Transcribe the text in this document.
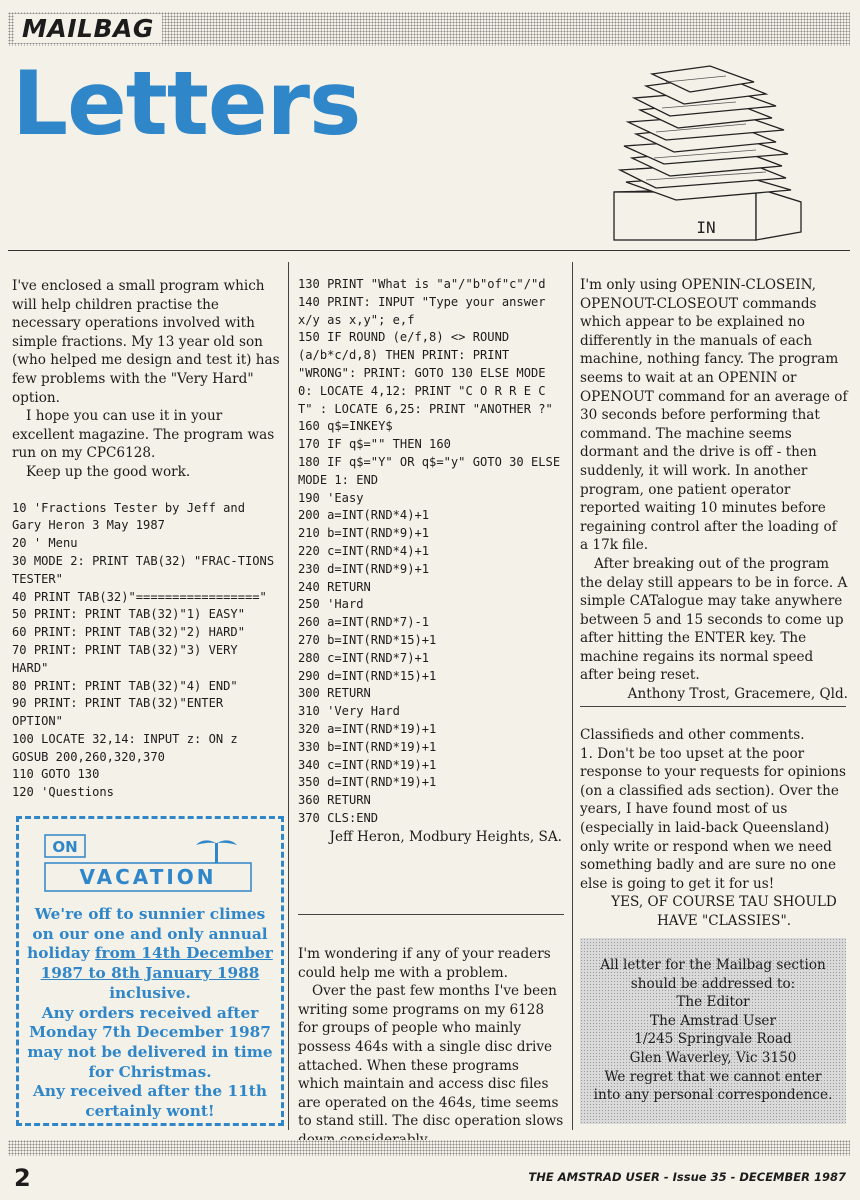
MAILBAG
Letters
IN

I've enclosed a small program which will help children practise the necessary operations involved with simple fractions. My 13 year old son (who helped me design and test it) has few problems with the "Very Hard" option.

I hope you can use it in your excellent magazine. The program was run on my CPC6128.

Keep up the good work.

10 'Fractions Tester by Jeff and Gary Heron 3 May 1987
20 ' Menu
30 MODE 2: PRINT TAB(32) "FRAC-TIONS TESTER"
40 PRINT TAB(32)"================="
50 PRINT: PRINT TAB(32)"1) EASY"
60 PRINT: PRINT TAB(32)"2) HARD"
70 PRINT: PRINT TAB(32)"3) VERY HARD"
80 PRINT: PRINT TAB(32)"4) END"
90 PRINT: PRINT TAB(32)"ENTER OPTION"
100 LOCATE 32,14: INPUT z: ON z GOSUB 200,260,320,370
110 GOTO 130
120 'Questions
130 PRINT "What is "a"/"b"of"c"/"d
140 PRINT: INPUT "Type your answer x/y as x,y"; e,f
150 IF ROUND (e/f,8) <> ROUND (a/b*c/d,8) THEN PRINT: PRINT "WRONG": PRINT: GOTO 130 ELSE MODE 0: LOCATE 4,12: PRINT "C O R R E C T" : LOCATE 6,25: PRINT "ANOTHER ?"
160 q$=INKEY$
170 IF q$="" THEN 160
180 IF q$="Y" OR q$="y" GOTO 30 ELSE MODE 1: END
190 'Easy
200 a=INT(RND*4)+1
210 b=INT(RND*9)+1
220 c=INT(RND*4)+1
230 d=INT(RND*9)+1
240 RETURN
250 'Hard
260 a=INT(RND*7)-1
270 b=INT(RND*15)+1
280 c=INT(RND*7)+1
290 d=INT(RND*15)+1
300 RETURN
310 'Very Hard
320 a=INT(RND*19)+1
330 b=INT(RND*19)+1
340 c=INT(RND*19)+1
350 d=INT(RND*19)+1
360 RETURN
370 CLS:END

Jeff Heron, Modbury Heights, SA.

I'm wondering if any of your readers could help me with a problem.

Over the past few months I've been writing some programs on my 6128 for groups of people who mainly possess 464s with a single disc drive attached. When these programs which maintain and access disc files are operated on the 464s, time seems to stand still. The disc operation slows

I'm only using OPENIN-CLOSEIN, OPENOUT-CLOSEOUT commands which appear to be explained no differently in the manuals of each machine, nothing fancy. The program seems to wait at an OPENIN or OPENOUT command for an average of 30 seconds before performing that command. The machine seems dormant and the drive is off - then suddenly, it will work. In another program, one patient operator reported waiting 10 minutes before regaining control after the loading of a 17k file.

After breaking out of the program the delay still appears to be in force. A simple CATalogue may take anywhere between 5 and 15 seconds to come up after hitting the ENTER key. The machine regains its normal speed after being reset.

Anthony Trost, Gracemere, Qld.

Classifieds and other comments.

1. Don't be too upset at the poor response to your requests for opinions (on a classified ads section). Over the years, I have found most of us (especially in laid-back Queensland) only write or respond when we need something badly and are sure no one else is going to get it for us!

YES, OF COURSE TAU SHOULD HAVE "CLASSIES".

ON
VACATION
We're off to sunnier climes on our one and only annual holiday from 14th December 1987 to 8th January 1988 inclusive.
Any orders received after Monday 7th December 1987 may not be delivered in time for Christmas.
Any received after the 11th certainly wont!
All letter for the Mailbag section
should be addressed to:
The Editor
The Amstrad User
1/245 Springvale Road
Glen Waverley, Vic 3150
We regret that we cannot enter
into any personal correspondence.
2	THE AMSTRAD USER - Issue 35 - DECEMBER 1987
